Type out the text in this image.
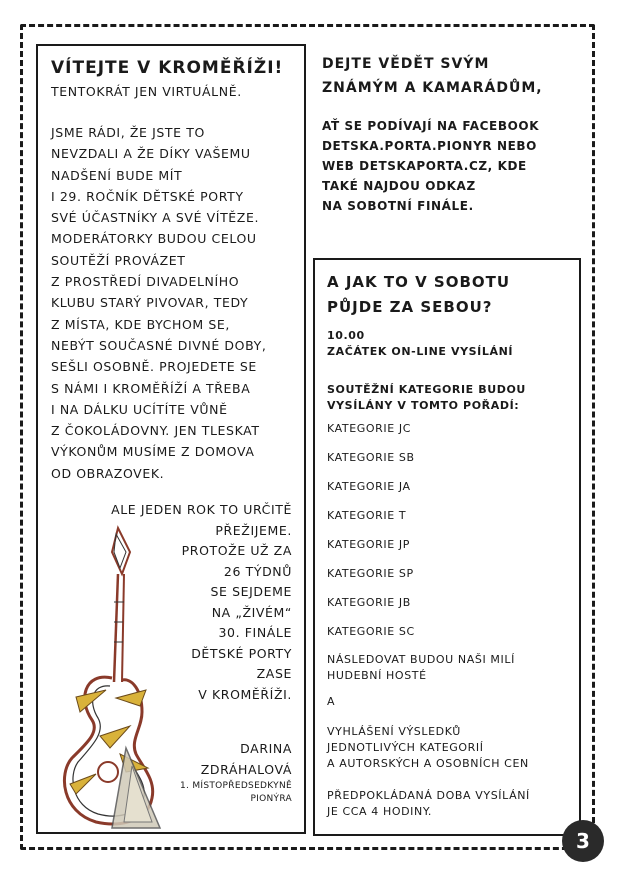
VÍTEJTE V KROMĚŘÍŽI!
TENTOKRÁT JEN VIRTUÁLNĚ.
JSME RÁDI, ŽE JSTE TO
NEVZDALI A ŽE DÍKY VAŠEMU
NADŠENÍ BUDE MÍT
I 29. ROČNÍK DĚTSKÉ PORTY
SVÉ ÚČASTNÍKY A SVÉ VÍTĚZE.
MODERÁTORKY BUDOU CELOU
SOUTĚŽÍ PROVÁZET
Z PROSTŘEDÍ DIVADELNÍHO
KLUBU STARÝ PIVOVAR, TEDY
Z MÍSTA, KDE BYCHOM SE,
NEBÝT SOUČASNÉ DIVNÉ DOBY,
SEŠLI OSOBNĚ. PROJEDETE SE
S NÁMI I KROMĚŘÍŽÍ A TŘEBA
I NA DÁLKU UCÍTÍTE VŮNĚ
Z ČOKOLÁDOVNY. JEN TLESKAT
VÝKONŮM MUSÍME Z DOMOVA
OD OBRAZOVEK.
ALE JEDEN ROK TO URČITĚ
PŘEŽIJEME.
PROTOŽE UŽ ZA
26 TÝDNŮ
SE SEJDEME
NA „ŽIVÉM“
30. FINÁLE
DĚTSKÉ PORTY
ZASE
V KROMĚŘÍŽI.
DARINA
ZDRÁHALOVÁ
1. MÍSTOPŘEDSEDKYNĚ
PIONÝRA
DEJTE VĚDĚT SVÝM
ZNÁMÝM A KAMARÁDŮM,
AŤ SE PODÍVAJÍ NA FACEBOOK
DETSKA.PORTA.PIONYR NEBO
WEB DETSKAPORTA.CZ, KDE
TAKÉ NAJDOU ODKAZ
NA SOBOTNÍ FINÁLE.
A JAK TO V SOBOTU
PŮJDE ZA SEBOU?
10.00
ZAČÁTEK ON-LINE VYSÍLÁNÍ
SOUTĚŽNÍ KATEGORIE BUDOU
VYSÍLÁNY V TOMTO POŘADÍ:
KATEGORIE JC
KATEGORIE SB
KATEGORIE JA
KATEGORIE T
KATEGORIE JP
KATEGORIE SP
KATEGORIE JB
KATEGORIE SC
NÁSLEDOVAT BUDOU NAŠI MILÍ
HUDEBNÍ HOSTÉ
A
VYHLÁŠENÍ VÝSLEDKŮ
JEDNOTLIVÝCH KATEGORIÍ
A AUTORSKÝCH A OSOBNÍCH CEN
PŘEDPOKLÁDANÁ DOBA VYSÍLÁNÍ
JE CCA 4 HODINY.
3
